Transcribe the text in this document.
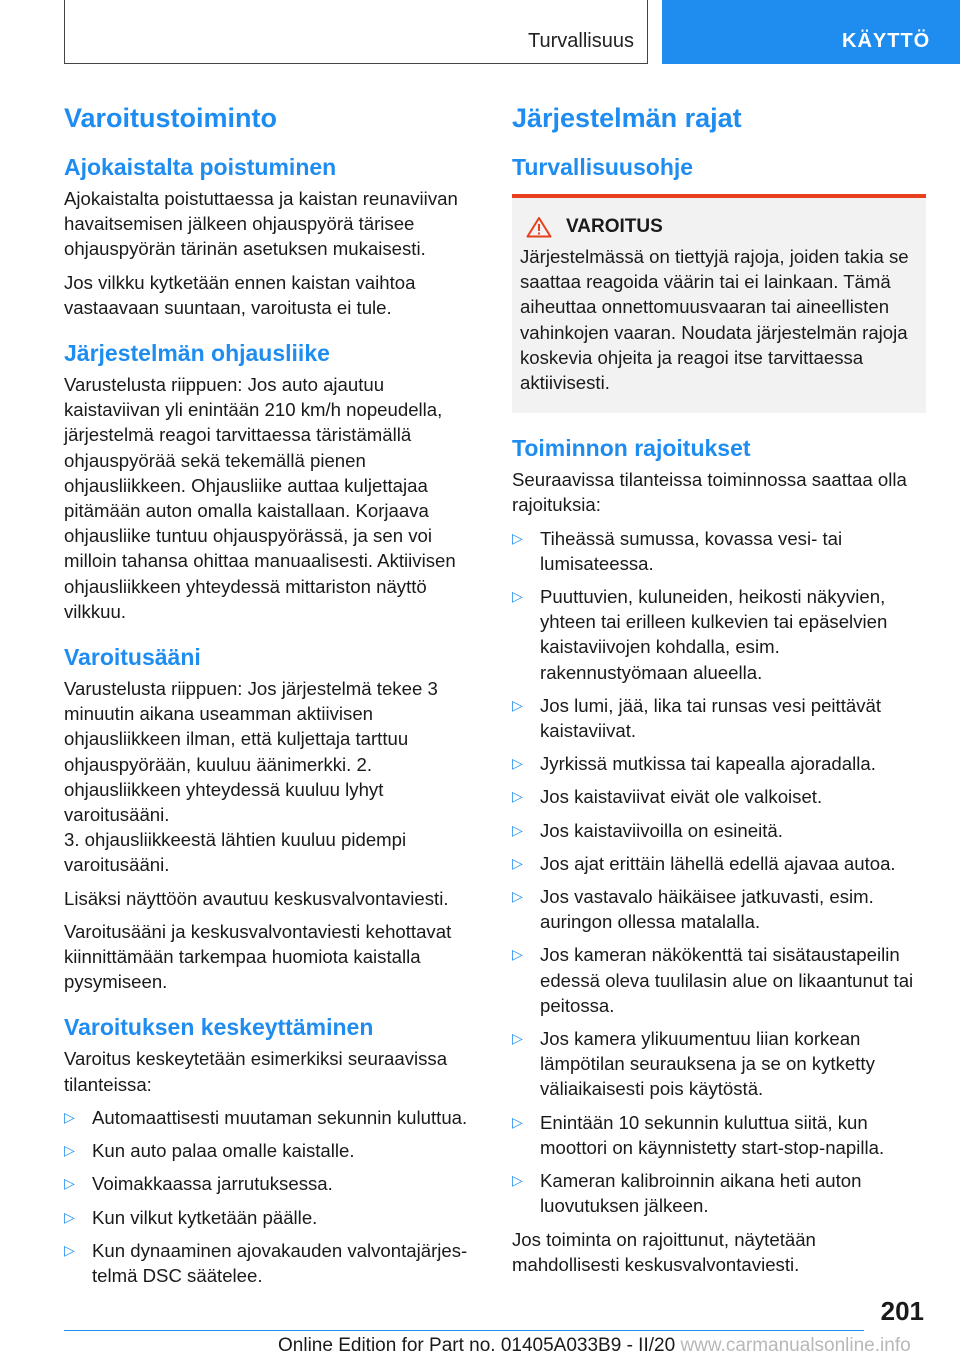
Turvallisuus	KÄYTTÖ
Varoitustoiminto
Ajokaistalta poistuminen

Ajokaistalta poistuttaessa ja kaistan reunaviivan havaitsemisen jälkeen ohjauspyörä tärisee ohjauspyörän tärinän asetuksen mukaisesti.

Jos vilkku kytketään ennen kaistan vaihtoa vastaavaan suuntaan, varoitusta ei tule.

Järjestelmän ohjausliike

Varustelusta riippuen: Jos auto ajautuu kaistaviivan yli enintään 210 km/h nopeudella, järjestelmä reagoi tarvittaessa täristämällä ohjauspyörää sekä tekemällä pienen ohjausliikkeen. Ohjausliike auttaa kuljettajaa pitämään auton omalla kaistallaan. Korjaava ohjausliike tuntuu ohjauspyörässä, ja sen voi milloin tahansa ohittaa manuaalisesti. Aktiivisen ohjausliikkeen yhteydessä mittariston näyttö vilkkuu.

Varoitusääni

Varustelusta riippuen: Jos järjestelmä tekee 3 minuutin aikana useamman aktiivisen ohjausliikkeen ilman, että kuljettaja tarttuu ohjauspyörään, kuuluu äänimerkki. 2. ohjausliikkeen yhteydessä kuuluu lyhyt varoitusääni.

3. ohjausliikkeestä lähtien kuuluu pidempi varoitusääni.

Lisäksi näyttöön avautuu keskusvalvontaviesti.

Varoitusääni ja keskusvalvontaviesti kehottavat kiinnittämään tarkempaa huomiota kaistalla pysymiseen.

Varoituksen keskeyttäminen

Varoitus keskeytetään esimerkiksi seuraavissa tilanteissa:

▷ Automaattisesti muutaman sekunnin kuluttua.
▷ Kun auto palaa omalle kaistalle.
▷ Voimakkaassa jarrutuksessa.
▷ Kun vilkut kytketään päälle.
▷ Kun dynaaminen ajovakauden valvontajärjestelmä DSC säätelee.
Järjestelmän rajat
Turvallisuusohje
VAROITUS

Järjestelmässä on tiettyjä rajoja, joiden takia se saattaa reagoida väärin tai ei lainkaan. Tämä aiheuttaa onnettomuusvaaran tai aineellisten vahinkojen vaaran. Noudata järjestelmän rajoja koskevia ohjeita ja reagoi itse tarvittaessa aktiivisesti.

Toiminnon rajoitukset

Seuraavissa tilanteissa toiminnossa saattaa olla rajoituksia:

▷ Tiheässä sumussa, kovassa vesi- tai lumisateessa.
▷ Puuttuvien, kuluneiden, heikosti näkyvien, yhteen tai erilleen kulkevien tai epäselvien kaistaviivojen kohdalla, esim. rakennustyömaan alueella.
▷ Jos lumi, jää, lika tai runsas vesi peittävät kaistaviivat.
▷ Jyrkissä mutkissa tai kapealla ajoradalla.
▷ Jos kaistaviivat eivät ole valkoiset.
▷ Jos kaistaviivoilla on esineitä.
▷ Jos ajat erittäin lähellä edellä ajavaa autoa.
▷ Jos vastavalo häikäisee jatkuvasti, esim. auringon ollessa matalalla.
▷ Jos kameran näkökenttä tai sisätaustapeilin edessä oleva tuulilasin alue on likaantunut tai peitossa.
▷ Jos kamera ylikuumentuu liian korkean lämpötilan seurauksena ja se on kytketty väliaikaisesti pois käytöstä.
▷ Enintään 10 sekunnin kuluttua siitä, kun moottori on käynnistetty start-stop-napilla.
▷ Kameran kalibroinnin aikana heti auton luovutuksen jälkeen.

Jos toiminta on rajoittunut, näytetään mahdollisesti keskusvalvontaviesti.

201
Online Edition for Part no. 01405A033B9 - II/20 www.carmanualsonline.info
